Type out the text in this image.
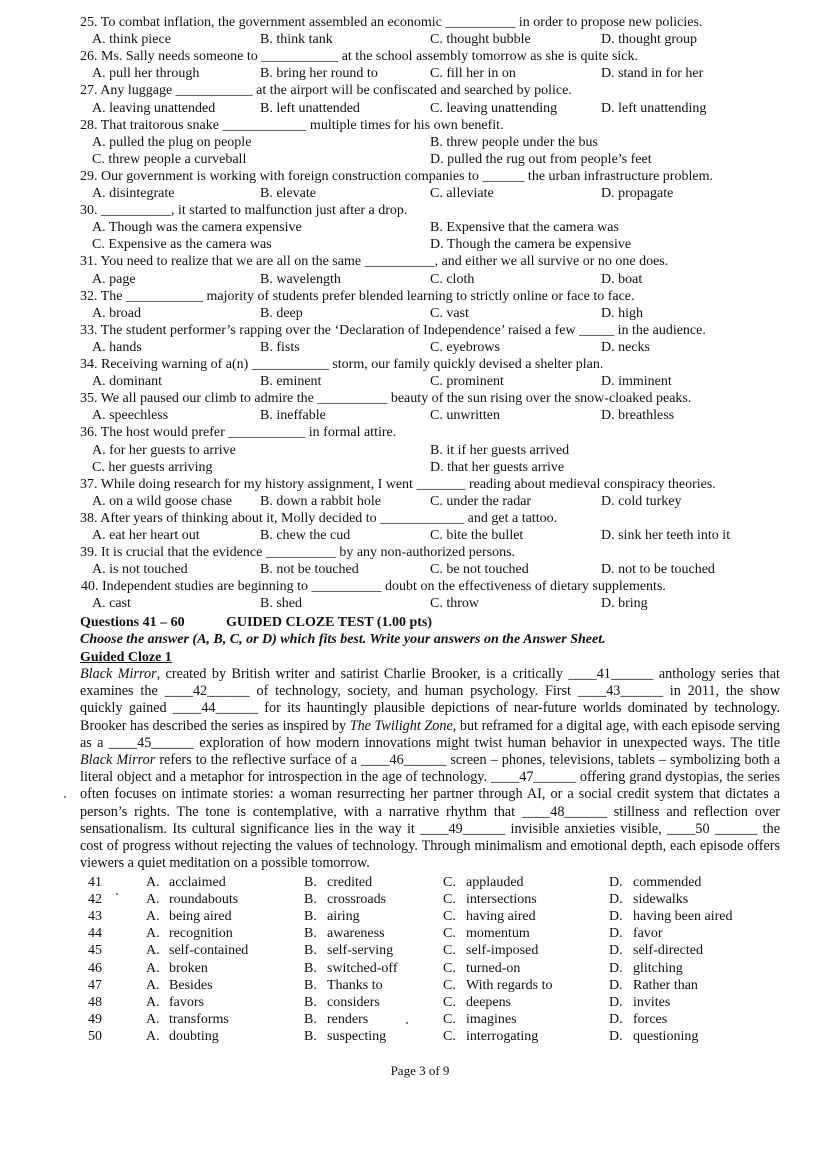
25. To combat inflation, the government assembled an economic __________ in order to propose new policies.
A. think piece	B. think tank	C. thought bubble	D. thought group
26. Ms. Sally needs someone to ___________ at the school assembly tomorrow as she is quite sick.
A. pull her through	B. bring her round to	C. fill her in on	D. stand in for her
27. Any luggage ___________ at the airport will be confiscated and searched by police.
A. leaving unattended	B. left unattended	C. leaving unattending	D. left unattending
28. That traitorous snake ____________ multiple times for his own benefit.
A. pulled the plug on people	B. threw people under the bus
C. threw people a curveball	D. pulled the rug out from people’s feet
29. Our government is working with foreign construction companies to ______ the urban infrastructure problem.
A. disintegrate	B. elevate	C. alleviate	D. propagate
30. __________, it started to malfunction just after a drop.
A. Though was the camera expensive	B. Expensive that the camera was
C. Expensive as the camera was	D. Though the camera be expensive
31. You need to realize that we are all on the same __________, and either we all survive or no one does.
A. page	B. wavelength	C. cloth	D. boat
32. The ___________ majority of students prefer blended learning to strictly online or face to face.
A. broad	B. deep	C. vast	D. high
33. The student performer’s rapping over the ‘Declaration of Independence’ raised a few _____ in the audience.
A. hands	B. fists	C. eyebrows	D. necks
34. Receiving warning of a(n) ___________ storm, our family quickly devised a shelter plan.
A. dominant	B. eminent	C. prominent	D. imminent
35. We all paused our climb to admire the __________ beauty of the sun rising over the snow-cloaked peaks.
A. speechless	B. ineffable	C. unwritten	D. breathless
36. The host would prefer ___________ in formal attire.
A. for her guests to arrive	B. it if her guests arrived
C. her guests arriving	D. that her guests arrive
37. While doing research for my history assignment, I went _______ reading about medieval conspiracy theories.
A. on a wild goose chase B. down a rabbit hole	C. under the radar	D. cold turkey
38. After years of thinking about it, Molly decided to ____________ and get a tattoo.
A. eat her heart out	B. chew the cud	C. bite the bullet	D. sink her teeth into it
39. It is crucial that the evidence __________ by any non-authorized persons.
A. is not touched	B. not be touched	C. be not touched	D. not to be touched
40. Independent studies are beginning to __________ doubt on the effectiveness of dietary supplements.
A. cast	B. shed	C. throw	D. bring
Questions 41 – 60	GUIDED CLOZE TEST (1.00 pts)
Choose the answer (A, B, C, or D) which fits best. Write your answers on the Answer Sheet.
Guided Cloze 1
Black Mirror, created by British writer and satirist Charlie Brooker, is a critically ____41______ anthology series that examines the ____42______ of technology, society, and human psychology. First ____43______ in 2011, the show quickly gained ____44______ for its hauntingly plausible depictions of near-future worlds dominated by technology. Brooker has described the series as inspired by The Twilight Zone, but reframed for a digital age, with each episode serving as a ____45______ exploration of how modern innovations might twist human behavior in unexpected ways. The title Black Mirror refers to the reflective surface of a ____46______ screen – phones, televisions, tablets – symbolizing both a literal object and a metaphor for introspection in the age of technology. ____47______ offering grand dystopias, the series often focuses on intimate stories: a woman resurrecting her partner through AI, or a social credit system that dictates a person’s rights. The tone is contemplative, with a narrative rhythm that ____48______ stillness and reflection over sensationalism. Its cultural significance lies in the way it ____49______ invisible anxieties visible, ____50 ______ the cost of progress without rejecting the values of technology. Through minimalism and emotional depth, each episode offers viewers a quiet meditation on a possible tomorrow.
41	A. acclaimed	B. credited	C. applauded	D. commended
42	A. roundabouts	B. crossroads	C. intersections	D. sidewalks
43	A. being aired	B. airing	C. having aired	D. having been aired
44	A. recognition	B. awareness	C. momentum	D. favor
45	A. self-contained	B. self-serving	C. self-imposed	D. self-directed
46	A. broken	B. switched-off	C. turned-on	D. glitching
47	A. Besides	B. Thanks to	C. With regards to	D. Rather than
48	A. favors	B. considers	C. deepens	D. invites
49	A. transforms	B. renders	C. imagines	D. forces
50	A. doubting	B. suspecting	C. interrogating	D. questioning
Page 3 of 9
